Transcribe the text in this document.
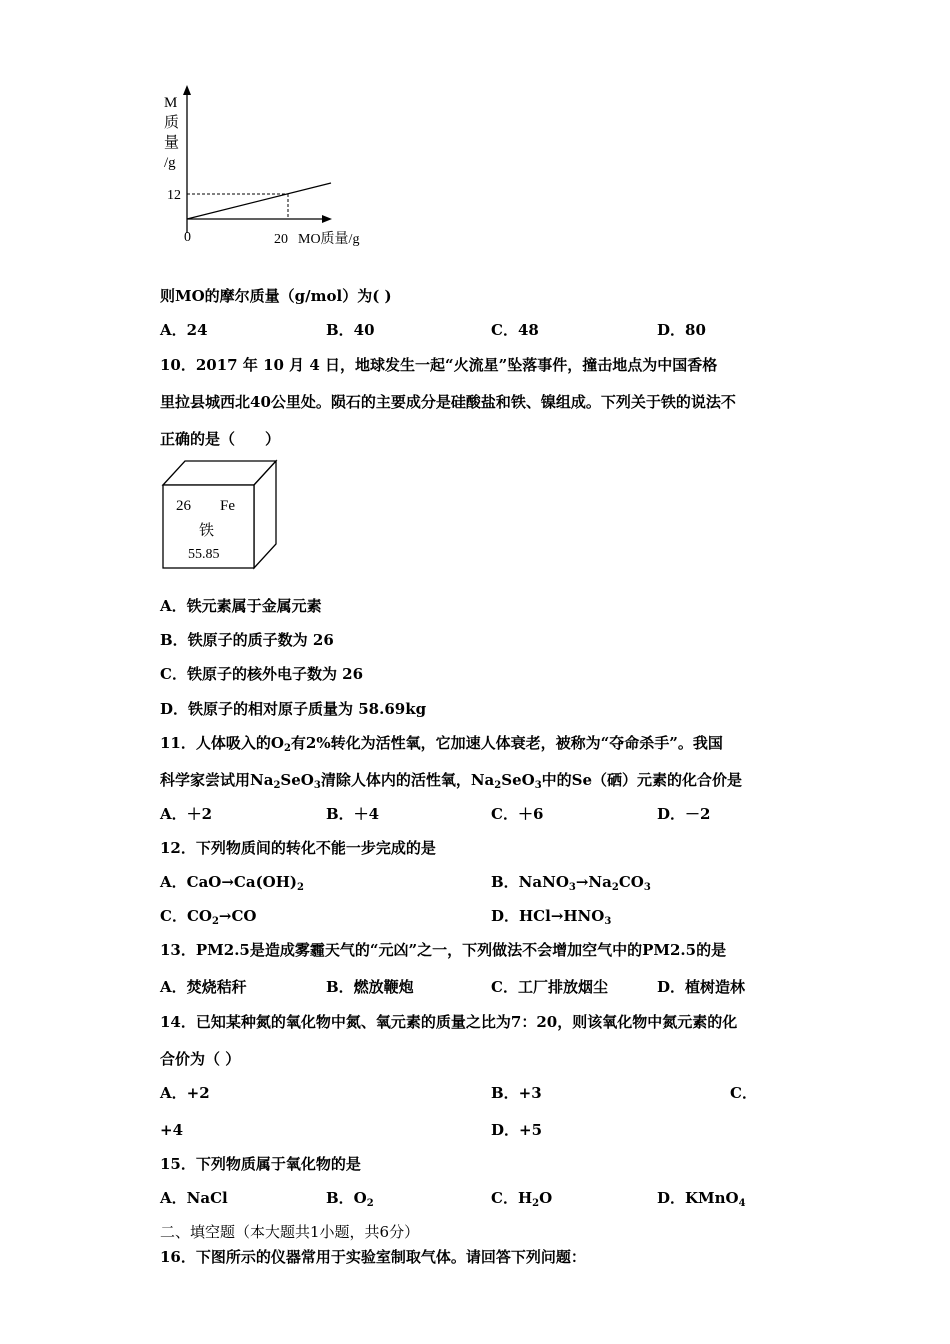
M
质
量
/g
12
0	20 MO质量/g
则MO的摩尔质量（g/mol）为( )
A．24	B．40	C．48	D．80
10．2017 年 10 月 4 日，地球发生一起“火流星”坠落事件，撞击地点为中国香格
里拉县城西北40公里处。陨石的主要成分是硅酸盐和铁、镍组成。下列关于铁的说法不
正确的是（　　）
26 Fe
铁
55.85
A．铁元素属于金属元素
B．铁原子的质子数为 26
C．铁原子的核外电子数为 26
D．铁原子的相对原子质量为 58.69kg
11．人体吸入的$O_2$有2%转化为活性氧，它加速人体衰老，被称为“夺命杀手”。我国
科学家尝试用$Na_2SeO_3$清除人体内的活性氧，$Na_2SeO_3$中的Se（硒）元素的化合价是
A．＋2	B．＋4	C．＋6	D．－2
12．下列物质间的转化不能一步完成的是
A．$CaO\to Ca(OH)_2$	B．$NaNO_3\to Na_2CO_3$
C．$CO_2\to CO$	D．$HCl\to HNO_3$
13．PM2.5是造成雾霾天气的“元凶”之一，下列做法不会增加空气中的PM2.5的是
A．焚烧秸秆	B．燃放鞭炮	C．工厂排放烟尘	D．植树造林
14．已知某种氮的氧化物中氮、氧元素的质量之比为7：20，则该氧化物中氮元素的化
合价为（ ）
A．+2	B．+3	C．
+4	D．+5
15．下列物质属于氧化物的是
A．NaCl	B．$O_2$	C．$H_2O$	D．KMnO$_4$
二、填空题（本大题共1小题，共6分）
16．下图所示的仪器常用于实验室制取气体。请回答下列问题：
